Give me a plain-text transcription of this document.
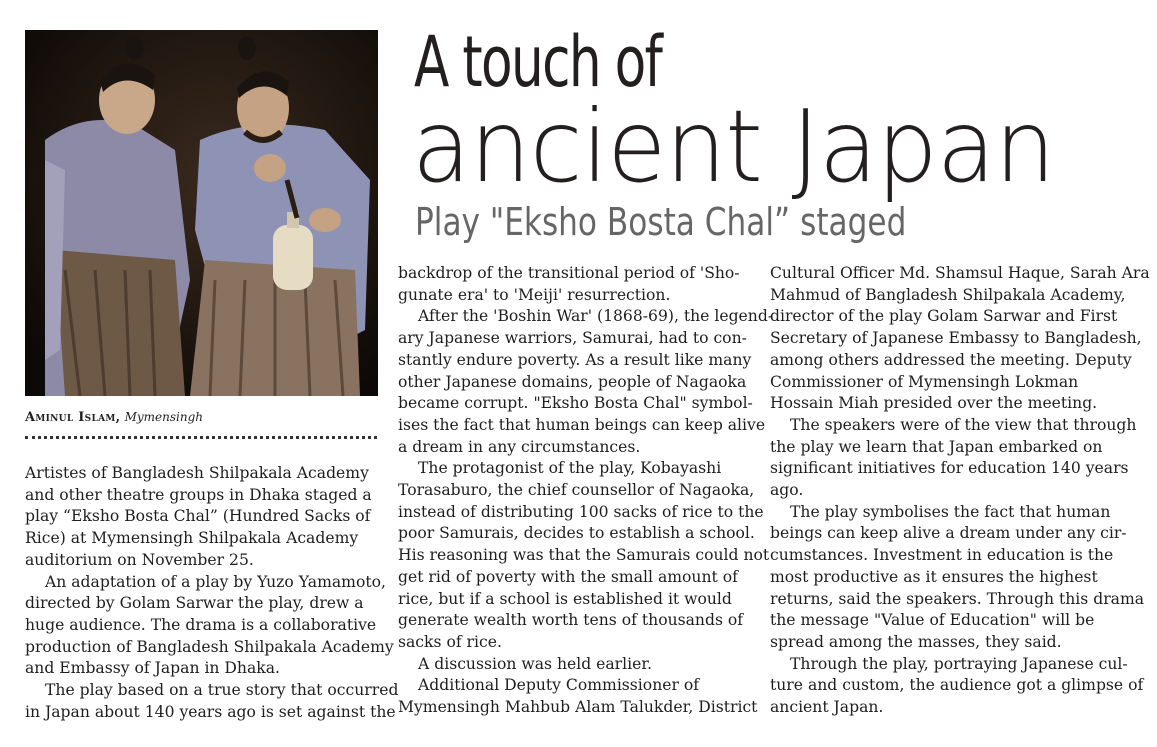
Aminul Islam, Mymensingh
A touch of
ancient Japan
Play "Eksho Bosta Chal” staged

Artistes of Bangladesh Shilpakala Academy

and other theatre groups in Dhaka staged a

play “Eksho Bosta Chal” (Hundred Sacks of

Rice) at Mymensingh Shilpakala Academy

auditorium on November 25.

An adaptation of a play by Yuzo Yamamoto,

directed by Golam Sarwar the play, drew a

huge audience. The drama is a collaborative

production of Bangladesh Shilpakala Academy

and Embassy of Japan in Dhaka.

The play based on a true story that occurred

in Japan about 140 years ago is set against the

backdrop of the transitional period of 'Sho-

gunate era' to 'Meiji' resurrection.

After the 'Boshin War' (1868-69), the legend-

ary Japanese warriors, Samurai, had to con-

stantly endure poverty. As a result like many

other Japanese domains, people of Nagaoka

became corrupt. "Eksho Bosta Chal" symbol-

ises the fact that human beings can keep alive

a dream in any circumstances.

The protagonist of the play, Kobayashi

Torasaburo, the chief counsellor of Nagaoka,

instead of distributing 100 sacks of rice to the

poor Samurais, decides to establish a school.

His reasoning was that the Samurais could not

get rid of poverty with the small amount of

rice, but if a school is established it would

generate wealth worth tens of thousands of

sacks of rice.

A discussion was held earlier.

Additional Deputy Commissioner of

Mymensingh Mahbub Alam Talukder, District

Cultural Officer Md. Shamsul Haque, Sarah Ara

Mahmud of Bangladesh Shilpakala Academy,

director of the play Golam Sarwar and First

Secretary of Japanese Embassy to Bangladesh,

among others addressed the meeting. Deputy

Commissioner of Mymensingh Lokman

Hossain Miah presided over the meeting.

The speakers were of the view that through

the play we learn that Japan embarked on

significant initiatives for education 140 years

ago.

The play symbolises the fact that human

beings can keep alive a dream under any cir-

cumstances. Investment in education is the

most productive as it ensures the highest

returns, said the speakers. Through this drama

the message "Value of Education" will be

spread among the masses, they said.

Through the play, portraying Japanese cul-

ture and custom, the audience got a glimpse of

ancient Japan.
